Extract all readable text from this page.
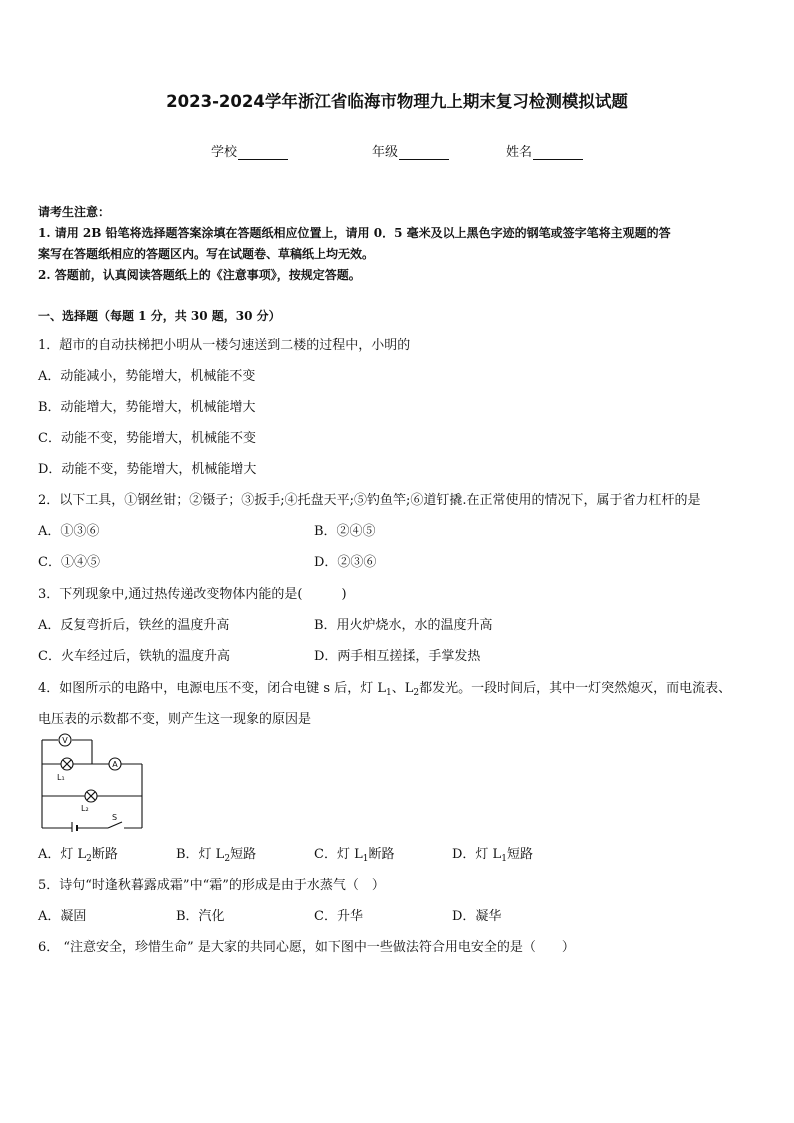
2023-2024学年浙江省临海市物理九上期末复习检测模拟试题
学校	年级	姓名
请考生注意：
1. 请用 2B 铅笔将选择题答案涂填在答题纸相应位置上，请用 0．5 毫米及以上黑色字迹的钢笔或签字笔将主观题的答
案写在答题纸相应的答题区内。写在试题卷、草稿纸上均无效。
2. 答题前，认真阅读答题纸上的《注意事项》，按规定答题。
一、选择题（每题 1 分，共 30 题，30 分）
1．超市的自动扶梯把小明从一楼匀速送到二楼的过程中，小明的
A．动能减小，势能增大，机械能不变
B．动能增大，势能增大，机械能增大
C．动能不变，势能增大，机械能不变
D．动能不变，势能增大，机械能增大
2．以下工具，①钢丝钳；②镊子；③扳手;④托盘天平;⑤钓鱼竿;⑥道钉撬.在正常使用的情况下，属于省力杠杆的是
A．①③⑥	B．②④⑤
C．①④⑤	D．②③⑥
3．下列现象中,通过热传递改变物体内能的是(　　　)
A．反复弯折后，铁丝的温度升高	B．用火炉烧水，水的温度升高
C．火车经过后，铁轨的温度升高	D．两手相互搓揉，手掌发热
4．如图所示的电路中，电源电压不变，闭合电键 s 后，灯 $L_1$、$L_2$都发光。一段时间后，其中一灯突然熄灭，而电流表、
电压表的示数都不变，则产生这一现象的原因是
V
A
L₁
L₂
S
A．灯 $L_2$断路	B．灯 $L_2$短路	C．灯 $L_1$断路	D．灯 $L_1$短路
5．诗句“时逢秋暮露成霜”中“霜”的形成是由于水蒸气（　）
A．凝固	B．汽化	C．升华	D．凝华
6． “注意安全，珍惜生命” 是大家的共同心愿，如下图中一些做法符合用电安全的是（　　）
